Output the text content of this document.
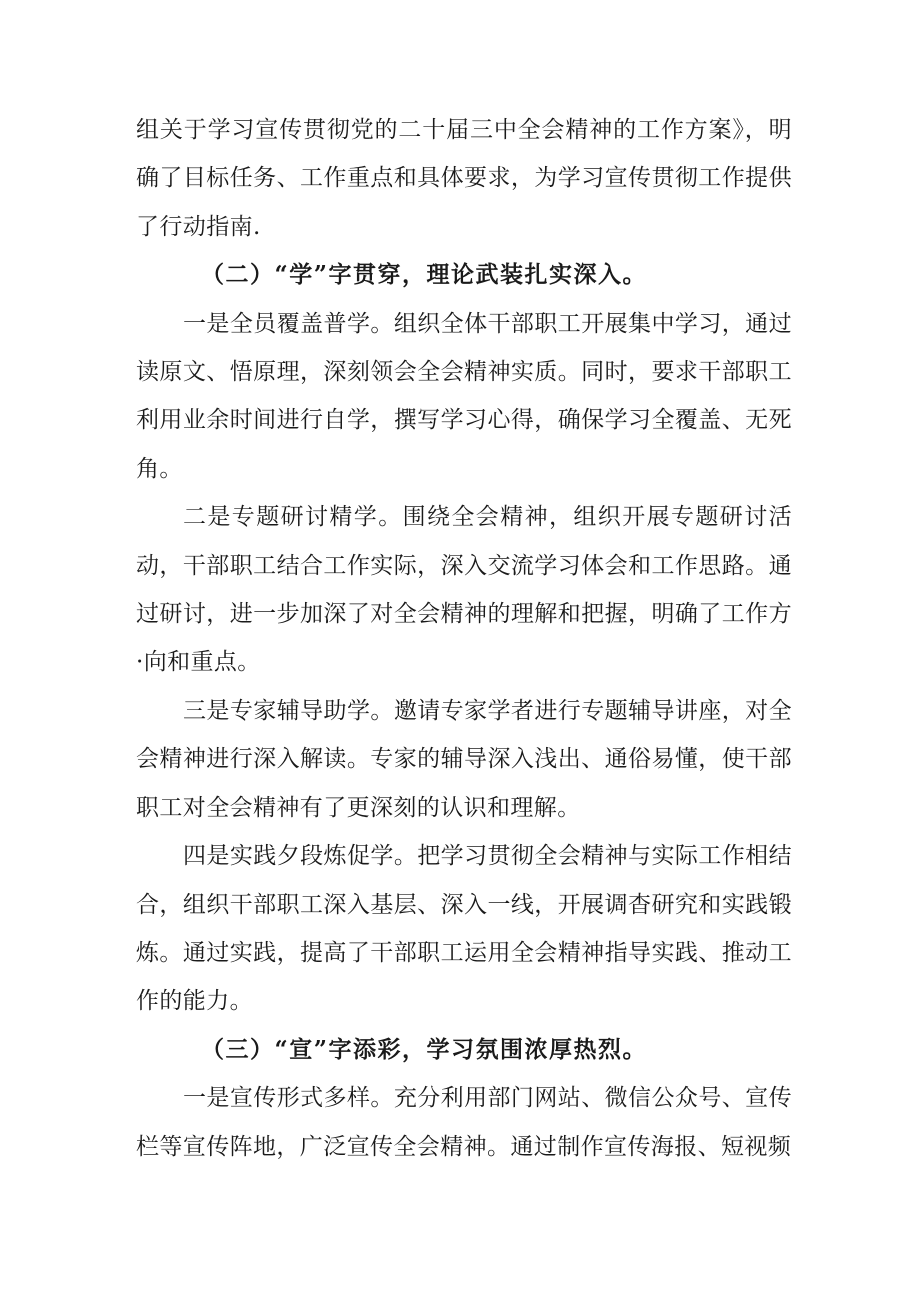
组关于学习宣传贯彻党的二十届三中全会精神的工作方案》，明确了目标任务、工作重点和具体要求，为学习宣传贯彻工作提供了行动指南.

（二）“学”字贯穿，理论武装扎实深入。

一是全员覆盖普学。组织全体干部职工开展集中学习，通过读原文、悟原理，深刻领会全会精神实质。同时，要求干部职工利用业余时间进行自学，撰写学习心得，确保学习全覆盖、无死角。

二是专题研讨精学。围绕全会精神，组织开展专题研讨活动，干部职工结合工作实际，深入交流学习体会和工作思路。通过研讨，进一步加深了对全会精神的理解和把握，明确了工作方·向和重点。

三是专家辅导助学。邀请专家学者进行专题辅导讲座，对全会精神进行深入解读。专家的辅导深入浅出、通俗易懂，使干部职工对全会精神有了更深刻的认识和理解。

四是实践夕段炼促学。把学习贯彻全会精神与实际工作相结合，组织干部职工深入基层、深入一线，开展调杳研究和实践锻炼。通过实践，提高了干部职工运用全会精神指导实践、推动工作的能力。

（三）“宣”字添彩，学习氛围浓厚热烈。

一是宣传形式多样。充分利用部门网站、微信公众号、宣传栏等宣传阵地，广泛宣传全会精神。通过制作宣传海报、短视频
